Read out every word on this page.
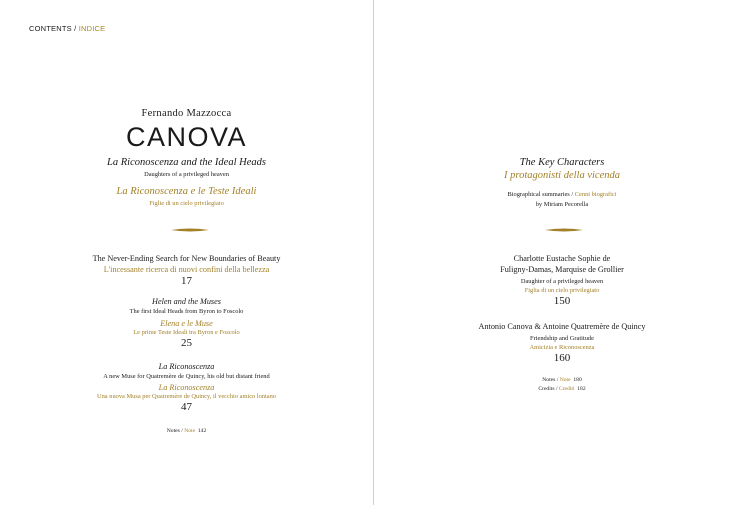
CONTENTS / INDICE
Fernando Mazzocca
CANOVA
La Riconoscenza and the Ideal Heads
Daughters of a privileged heaven
La Riconoscenza e le Teste Ideali
Figlie di un cielo privilegiato
The Never-Ending Search for New Boundaries of Beauty
L'incessante ricerca di nuovi confini della bellezza
17
Helen and the Muses
The first Ideal Heads from Byron to Foscolo
Elena e le Muse
Le prime Teste Ideali tra Byron e Foscolo
25
La Riconoscenza
A new Muse for Quatremère de Quincy, his old but distant friend
La Riconoscenza
Una nuova Musa per Quatremère de Quincy, il vecchio amico lontano
47
Notes / Note 142
The Key Characters
I protagonisti della vicenda
Biographical summaries / Cenni biografici
by Miriam Pecorella
Charlotte Eustache Sophie de
Fuligny-Damas, Marquise de Grollier
Daughter of a privileged heaven
Figlia di un cielo privilegiato
150
Antonio Canova & Antoine Quatremère de Quincy
Friendship and Gratitude
Amicizia e Riconoscenza
160
Notes / Note 180
Credits / Crediti 182
